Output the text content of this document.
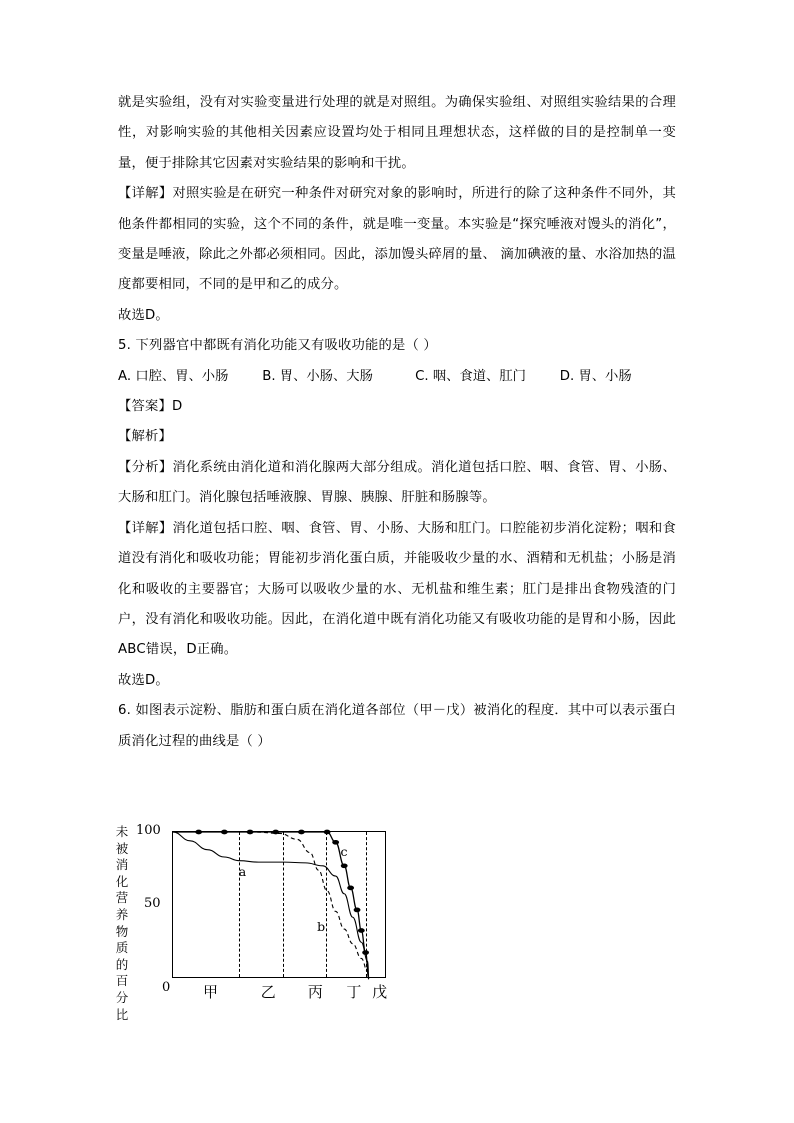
就是实验组，没有对实验变量进行处理的就是对照组。为确保实验组、对照组实验结果的合理性，对影响实验的其他相关因素应设置均处于相同且理想状态，这样做的目的是控制单一变量，便于排除其它因素对实验结果的影响和干扰。

【详解】对照实验是在研究一种条件对研究对象的影响时，所进行的除了这种条件不同外，其他条件都相同的实验，这个不同的条件，就是唯一变量。本实验是“探究唾液对馒头的消化”，变量是唾液，除此之外都必须相同。因此，添加馒头碎屑的量、 滴加碘液的量、水浴加热的温度都要相同，不同的是甲和乙的成分。

故选D。

5. 下列器官中都既有消化功能又有吸收功能的是（ ）

A. 口腔、胃、小肠        B. 胃、小肠、大肠          C. 咽、食道、肛门        D. 胃、小肠

【答案】D

【解析】

【分析】消化系统由消化道和消化腺两大部分组成。消化道包括口腔、咽、食管、胃、小肠、大肠和肛门。消化腺包括唾液腺、胃腺、胰腺、肝脏和肠腺等。

【详解】消化道包括口腔、咽、食管、胃、小肠、大肠和肛门。口腔能初步消化淀粉；咽和食道没有消化和吸收功能；胃能初步消化蛋白质，并能吸收少量的水、酒精和无机盐；小肠是消化和吸收的主要器官；大肠可以吸收少量的水、无机盐和维生素；肛门是排出食物残渣的门户，没有消化和吸收功能。因此，在消化道中既有消化功能又有吸收功能的是胃和小肠，因此ABC错误，D正确。

故选D。

6. 如图表示淀粉、脂肪和蛋白质在消化道各部位（甲－戊）被消化的程度．其中可以表示蛋白质消化过程的曲线是（ ）

未
被
消
化
营
养
物
质
的
百
分
比
100
50
0
a
b
c
甲	乙 丙 丁 戊
